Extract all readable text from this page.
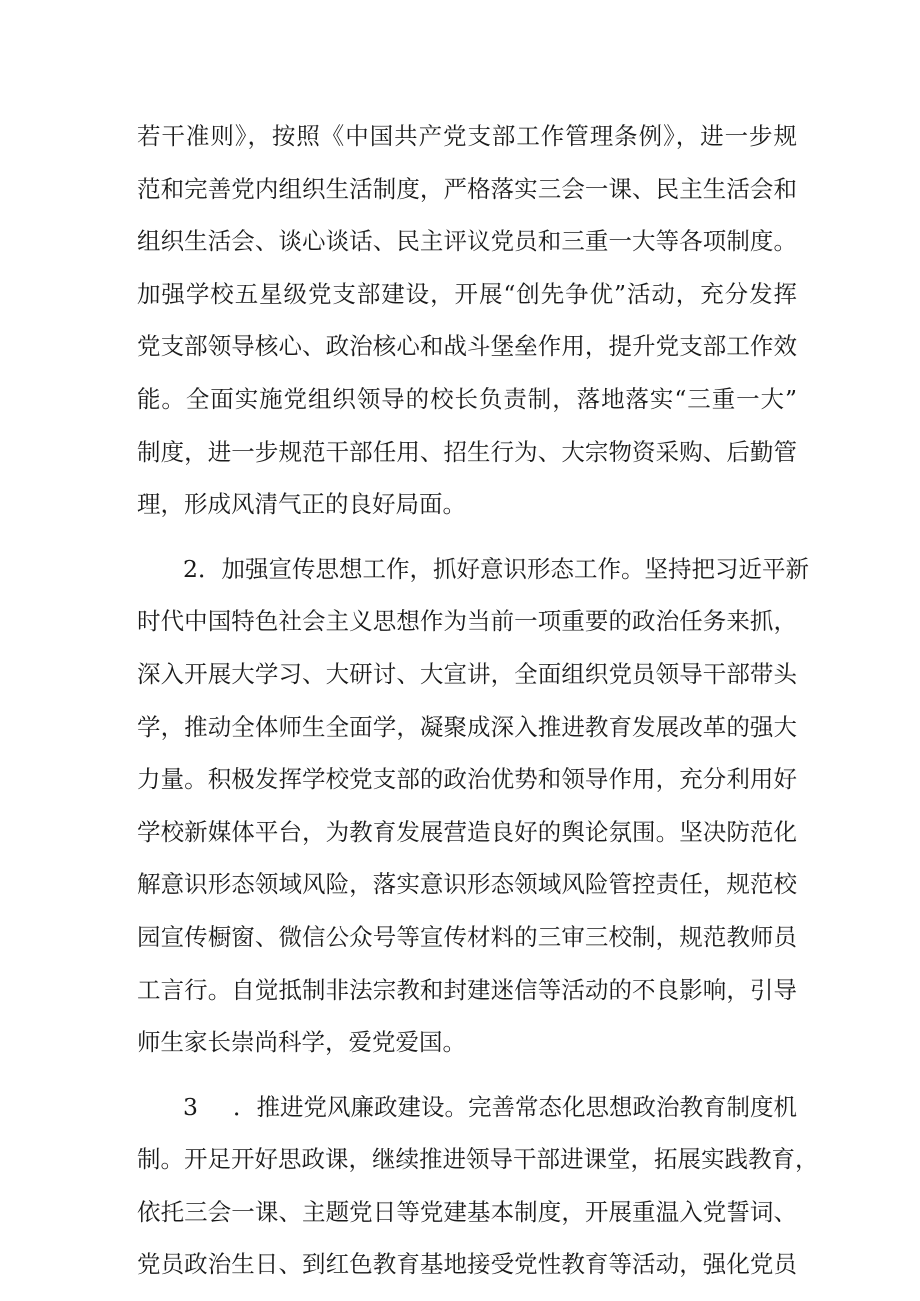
若干准则》，按照《中国共产党支部工作管理条例》，进一步规
范和完善党内组织生活制度，严格落实三会一课、民主生活会和
组织生活会、谈心谈话、民主评议党员和三重一大等各项制度。
加强学校五星级党支部建设，开展“创先争优”活动，充分发挥
党支部领导核心、政治核心和战斗堡垒作用，提升党支部工作效
能。全面实施党组织领导的校长负责制，落地落实“三重一大”
制度，进一步规范干部任用、招生行为、大宗物资采购、后勤管
理，形成风清气正的良好局面。
2．加强宣传思想工作，抓好意识形态工作。坚持把习近平新
时代中国特色社会主义思想作为当前一项重要的政治任务来抓，
深入开展大学习、大研讨、大宣讲，全面组织党员领导干部带头
学，推动全体师生全面学，凝聚成深入推进教育发展改革的强大
力量。积极发挥学校党支部的政治优势和领导作用，充分利用好
学校新媒体平台，为教育发展营造良好的舆论氛围。坚决防范化
解意识形态领域风险，落实意识形态领域风险管控责任，规范校
园宣传橱窗、微信公众号等宣传材料的三审三校制，规范教师员
工言行。自觉抵制非法宗教和封建迷信等活动的不良影响，引导
师生家长崇尚科学，爱党爱国。
3 ．推进党风廉政建设。完善常态化思想政治教育制度机
制。开足开好思政课，继续推进领导干部进课堂，拓展实践教育，
依托三会一课、主题党日等党建基本制度，开展重温入党誓词、
党员政治生日、到红色教育基地接受党性教育等活动，强化党员
